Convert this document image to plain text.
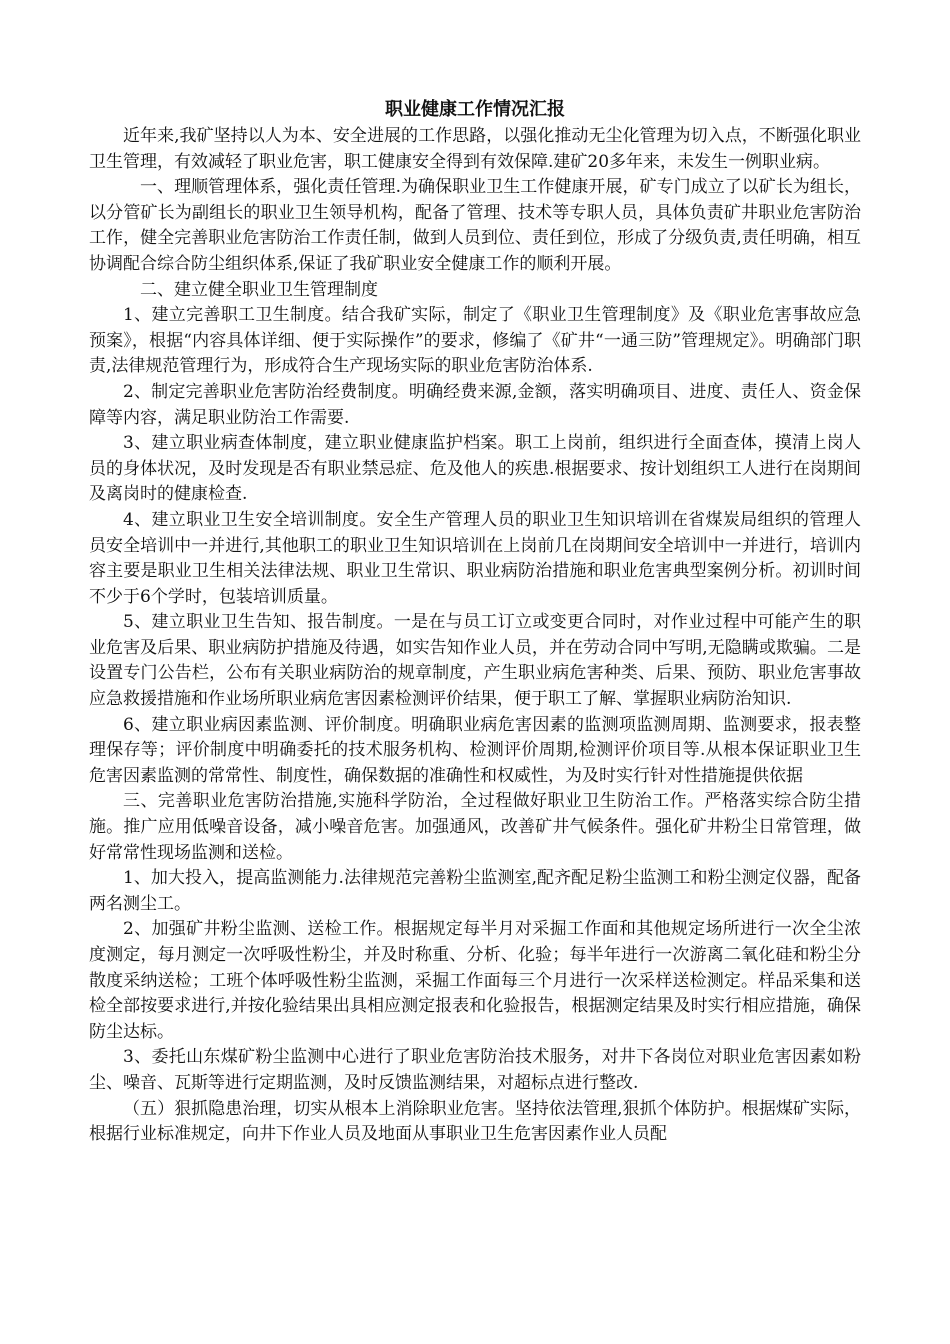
职业健康工作情况汇报

近年来,我矿坚持以人为本、安全进展的工作思路，以强化推动无尘化管理为切入点，不断强化职业卫生管理，有效减轻了职业危害，职工健康安全得到有效保障.建矿20多年来，未发生一例职业病。

一、理顺管理体系，强化责任管理.为确保职业卫生工作健康开展，矿专门成立了以矿长为组长，以分管矿长为副组长的职业卫生领导机构，配备了管理、技术等专职人员，具体负责矿井职业危害防治工作，健全完善职业危害防治工作责任制，做到人员到位、责任到位，形成了分级负责,责任明确，相互协调配合综合防尘组织体系,保证了我矿职业安全健康工作的顺利开展。

二、建立健全职业卫生管理制度

1、建立完善职工卫生制度。结合我矿实际，制定了《职业卫生管理制度》及《职业危害事故应急预案》，根据“内容具体详细、便于实际操作”的要求，修编了《矿井“一通三防”管理规定》。明确部门职责,法律规范管理行为，形成符合生产现场实际的职业危害防治体系.

2、制定完善职业危害防治经费制度。明确经费来源,金额，落实明确项目、进度、责任人、资金保障等内容，满足职业防治工作需要.

3、建立职业病查体制度，建立职业健康监护档案。职工上岗前，组织进行全面查体，摸清上岗人员的身体状况，及时发现是否有职业禁忌症、危及他人的疾患.根据要求、按计划组织工人进行在岗期间及离岗时的健康检查.

4、建立职业卫生安全培训制度。安全生产管理人员的职业卫生知识培训在省煤炭局组织的管理人员安全培训中一并进行,其他职工的职业卫生知识培训在上岗前几在岗期间安全培训中一并进行，培训内容主要是职业卫生相关法律法规、职业卫生常识、职业病防治措施和职业危害典型案例分析。初训时间不少于6个学时，包装培训质量。

5、建立职业卫生告知、报告制度。一是在与员工订立或变更合同时，对作业过程中可能产生的职业危害及后果、职业病防护措施及待遇，如实告知作业人员，并在劳动合同中写明,无隐瞒或欺骗。二是设置专门公告栏，公布有关职业病防治的规章制度，产生职业病危害种类、后果、预防、职业危害事故应急救援措施和作业场所职业病危害因素检测评价结果，便于职工了解、掌握职业病防治知识.

6、建立职业病因素监测、评价制度。明确职业病危害因素的监测项监测周期、监测要求，报表整理保存等；评价制度中明确委托的技术服务机构、检测评价周期,检测评价项目等.从根本保证职业卫生危害因素监测的常常性、制度性，确保数据的准确性和权威性，为及时实行针对性措施提供依据

三、完善职业危害防治措施,实施科学防治，全过程做好职业卫生防治工作。严格落实综合防尘措施。推广应用低噪音设备，减小噪音危害。加强通风，改善矿井气候条件。强化矿井粉尘日常管理，做好常常性现场监测和送检。

1、加大投入，提高监测能力.法律规范完善粉尘监测室,配齐配足粉尘监测工和粉尘测定仪器，配备两名测尘工。

2、加强矿井粉尘监测、送检工作。根据规定每半月对采掘工作面和其他规定场所进行一次全尘浓度测定，每月测定一次呼吸性粉尘，并及时称重、分析、化验；每半年进行一次游离二氧化硅和粉尘分散度采纳送检；工班个体呼吸性粉尘监测，采掘工作面每三个月进行一次采样送检测定。样品采集和送检全部按要求进行,并按化验结果出具相应测定报表和化验报告，根据测定结果及时实行相应措施，确保防尘达标。

3、委托山东煤矿粉尘监测中心进行了职业危害防治技术服务，对井下各岗位对职业危害因素如粉尘、噪音、瓦斯等进行定期监测，及时反馈监测结果，对超标点进行整改.

（五）狠抓隐患治理，切实从根本上消除职业危害。坚持依法管理,狠抓个体防护。根据煤矿实际，根据行业标准规定，向井下作业人员及地面从事职业卫生危害因素作业人员配
